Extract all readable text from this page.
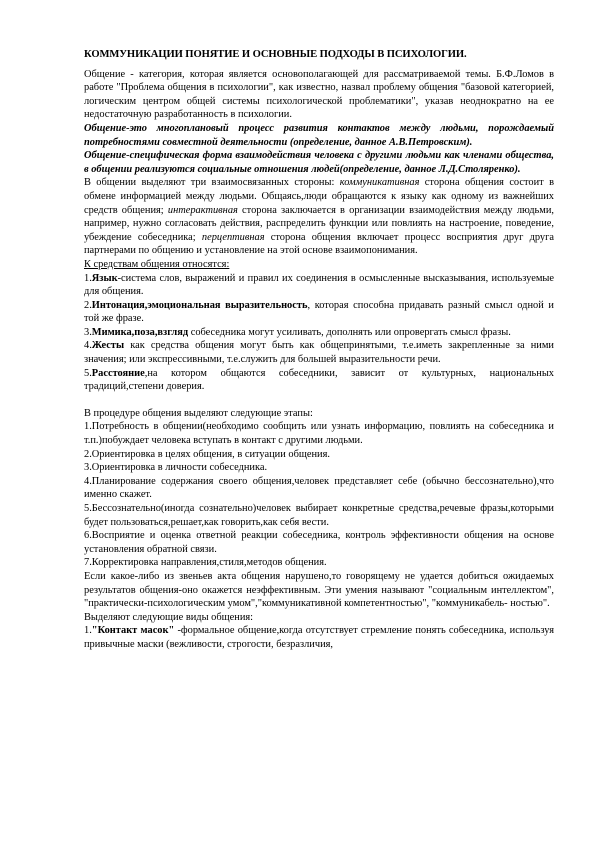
КОММУНИКАЦИИ ПОНЯТИЕ И ОСНОВНЫЕ ПОДХОДЫ В ПСИХОЛОГИИ.

Общение - категория, которая является основополагающей для рассматриваемой темы. Б.Ф.Ломов в работе "Проблема общения в психологии", как известно, назвал проблему общения "базовой категорией, логическим центром общей системы психологической проблематики", указав неоднократно на ее недостаточную разработанность в психологии.

Общение-это многоплановый процесс развития контактов между людьми, порождаемый потребностями совместной деятельности (определение, данное А.В.Петровским).

Общение-специфическая форма взаимодействия человека с другими людьми как членами общества, в общении реализуются социальные отношения людей(определение, данное Л.Д.Столяренко).

В общении выделяют три взаимосвязанных стороны: коммуникативная сторона общения состоит в обмене информацией между людьми. Общаясь,люди обращаются к языку как одному из важнейших средств общения; интерактивная сторона заключается в организации взаимодействия между людьми, например, нужно согласовать действия, распределить функции или повлиять на настроение, поведение, убеждение собеседника; перцептивная сторона общения включает процесс восприятия друг друга партнерами по общению и установление на этой основе взаимопонимания.

К средствам общения относятся:

1.Язык-система слов, выражений и правил их соединения в осмысленные высказывания, используемые для общения.

2.Интонация,эмоциональная выразительность, которая способна придавать разный смысл одной и той же фразе.

3.Мимика,поза,взгляд собеседника могут усиливать, дополнять или опровергать смысл фразы.

4.Жесты как средства общения могут быть как общепринятыми, т.е.иметь закрепленные за ними значения; или экспрессивными, т.е.служить для большей выразительности речи.

5.Расстояние,на котором общаются собеседники, зависит от культурных, национальных традиций,степени доверия.

В процедуре общения выделяют следующие этапы:

1.Потребность в общении(необходимо сообщить или узнать информацию, повлиять на собеседника и т.п.)побуждает человека вступать в контакт с другими людьми.

2.Ориентировка в целях общения, в ситуации общения.

3.Ориентировка в личности собеседника.

4.Планирование содержания своего общения,человек представляет себе (обычно бессознательно),что именно скажет.

5.Бессознательно(иногда сознательно)человек выбирает конкретные средства,речевые фразы,которыми будет пользоваться,решает,как говорить,как себя вести.

6.Восприятие и оценка ответной реакции собеседника, контроль эффективности общения на основе установления обратной связи.

7.Корректировка направления,стиля,методов общения.

Если какое-либо из звеньев акта общения нарушено,то говорящему не удается добиться ожидаемых результатов общения-оно окажется неэффективным. Эти умения называют "социальным интеллектом", "практически-психологическим умом","коммуникативной компетентностью", "коммуникабель- ностью".

Выделяют следующие виды общения:

1."Контакт масок" -формальное общение,когда отсутствует стремление понять собеседника, используя привычные маски (вежливости, строгости, безразличия,
